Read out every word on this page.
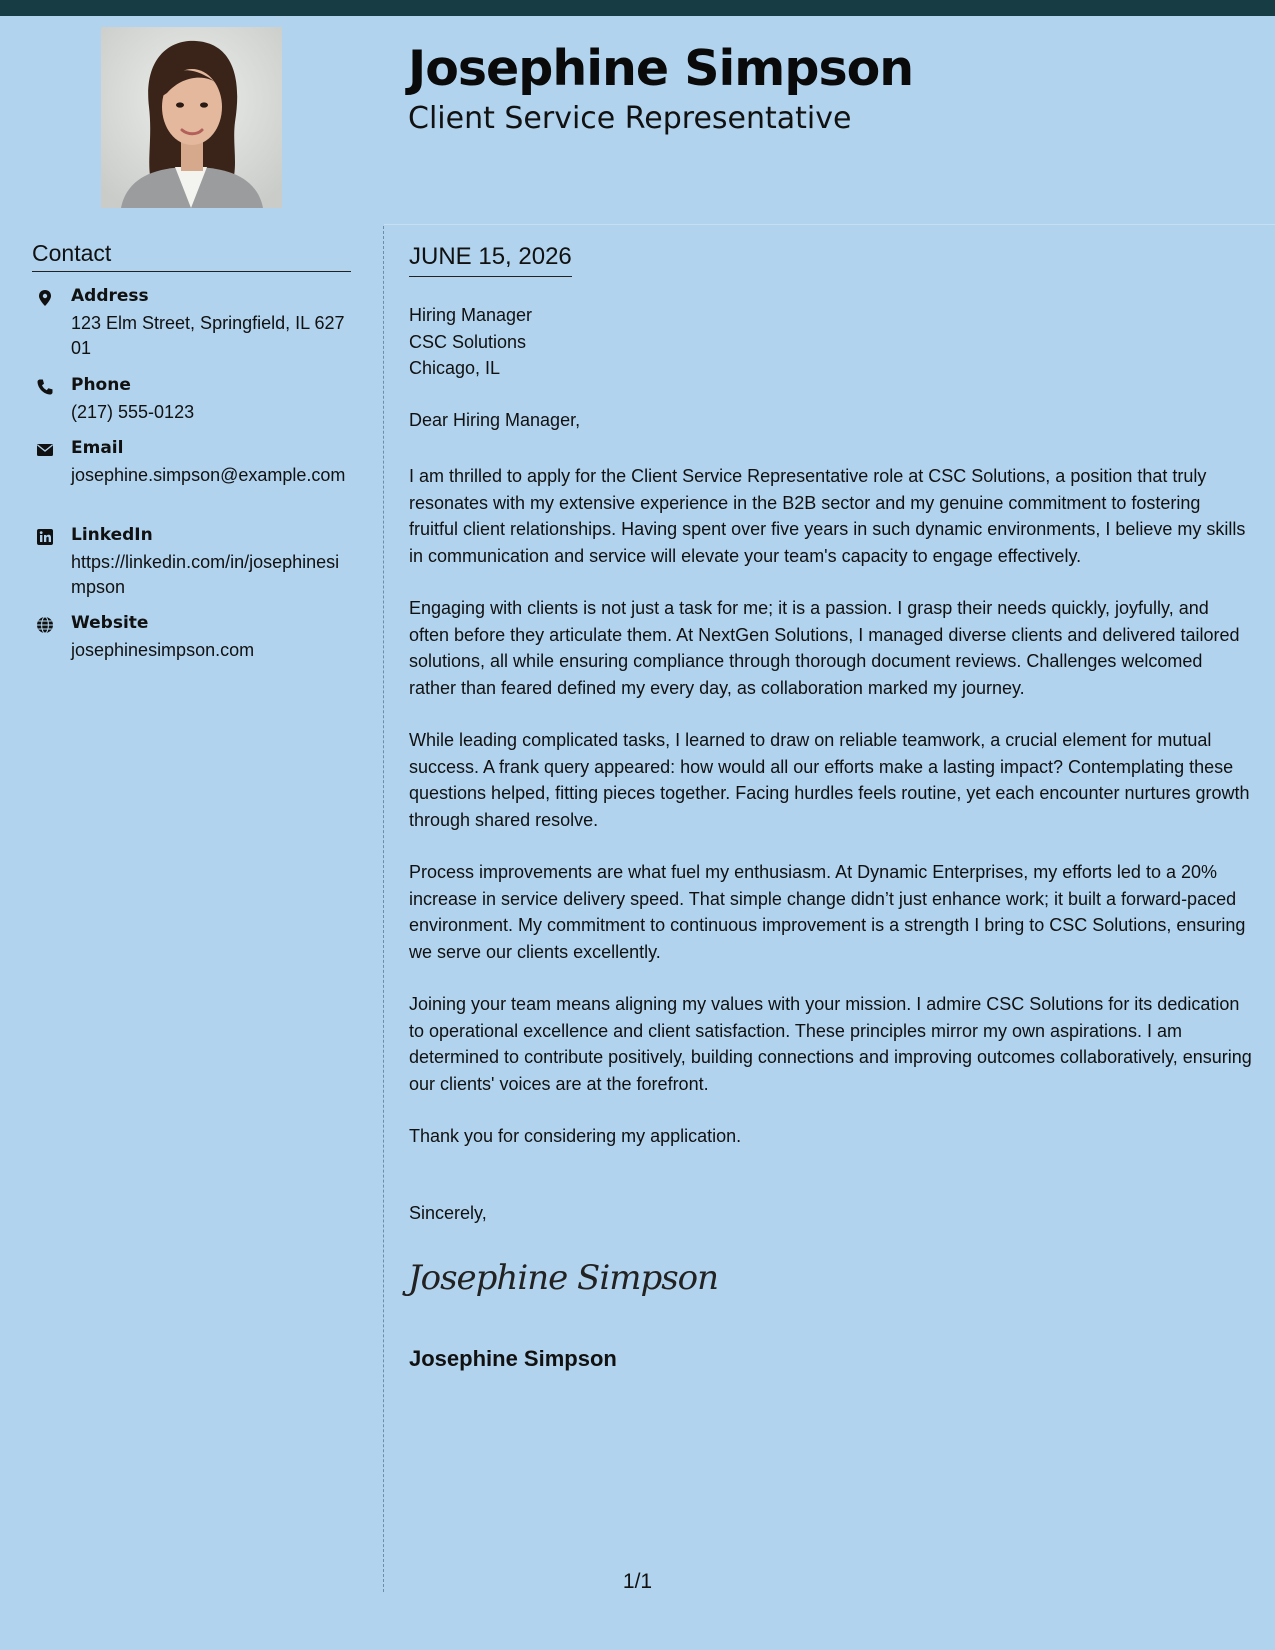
Josephine Simpson
Client Service Representative
Contact
Address
123 Elm Street, Springfield, IL 62701
Phone
(217) 555-0123
Email
josephine.simpson@example.com
LinkedIn
https://linkedin.com/in/josephinesimpson
Website
josephinesimpson.com
JUNE 15, 2026
Hiring Manager
CSC Solutions
Chicago, IL
Dear Hiring Manager,
I am thrilled to apply for the Client Service Representative role at CSC Solutions, a position that truly resonates with my extensive experience in the B2B sector and my genuine commitment to fostering fruitful client relationships. Having spent over five years in such dynamic environments, I believe my skills in communication and service will elevate your team's capacity to engage effectively.
Engaging with clients is not just a task for me; it is a passion. I grasp their needs quickly, joyfully, and often before they articulate them. At NextGen Solutions, I managed diverse clients and delivered tailored solutions, all while ensuring compliance through thorough document reviews. Challenges welcomed rather than feared defined my every day, as collaboration marked my journey.
While leading complicated tasks, I learned to draw on reliable teamwork, a crucial element for mutual success. A frank query appeared: how would all our efforts make a lasting impact? Contemplating these questions helped, fitting pieces together. Facing hurdles feels routine, yet each encounter nurtures growth through shared resolve.
Process improvements are what fuel my enthusiasm. At Dynamic Enterprises, my efforts led to a 20% increase in service delivery speed. That simple change didn’t just enhance work; it built a forward-paced environment. My commitment to continuous improvement is a strength I bring to CSC Solutions, ensuring we serve our clients excellently.
Joining your team means aligning my values with your mission. I admire CSC Solutions for its dedication to operational excellence and client satisfaction. These principles mirror my own aspirations. I am determined to contribute positively, building connections and improving outcomes collaboratively, ensuring our clients' voices are at the forefront.
Thank you for considering my application.
Sincerely,
Josephine Simpson
Josephine Simpson
1/1
